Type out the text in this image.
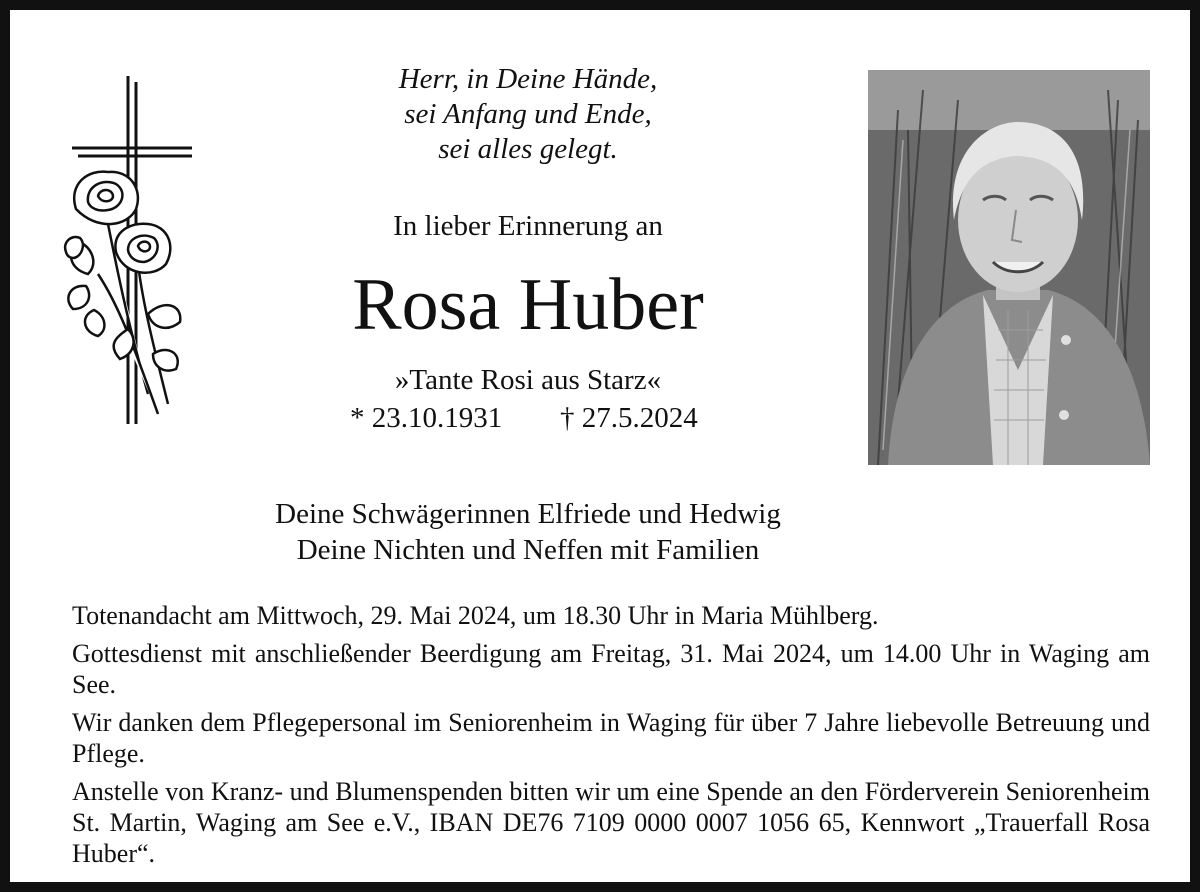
Herr, in Deine Hände,
sei Anfang und Ende,
sei alles gelegt.
In lieber Erinnerung an
Rosa Huber
»Tante Rosi aus Starz«
* 23.10.1931 † 27.5.2024
Deine Schwägerinnen Elfriede und Hedwig
Deine Nichten und Neffen mit Familien

Totenandacht am Mittwoch, 29. Mai 2024, um 18.30 Uhr in Maria Mühlberg.

Gottesdienst mit anschließender Beerdigung am Freitag, 31. Mai 2024, um 14.00 Uhr in Waging am See.

Wir danken dem Pflegepersonal im Seniorenheim in Waging für über 7 Jahre liebevolle Betreuung und Pflege.

Anstelle von Kranz- und Blumenspenden bitten wir um eine Spende an den Förderverein Seniorenheim St. Martin, Waging am See e.V., IBAN DE76 7109 0000 0007 1056 65, Kennwort „Trauerfall Rosa Huber“.
